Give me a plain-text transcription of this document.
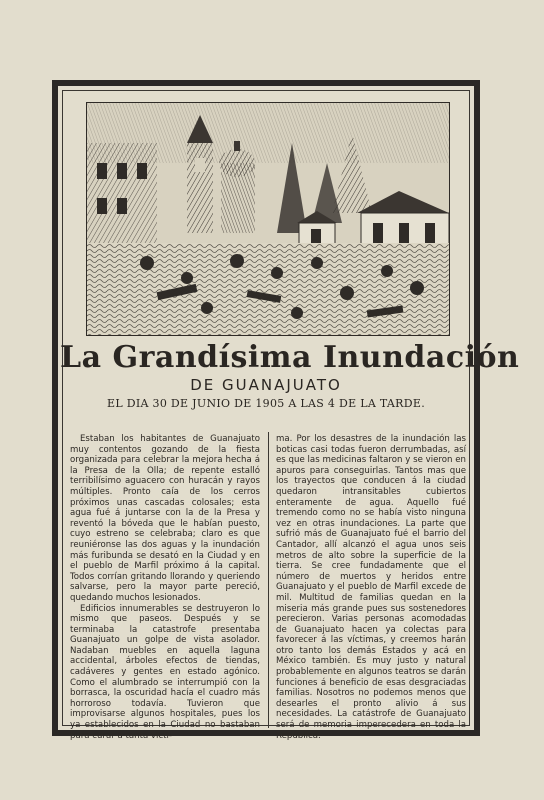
La Grandísima Inundación
DE GUANAJUATO
EL DIA 30 DE JUNIO DE 1905 A LAS 4 DE LA TARDE.

Estaban los habitantes de Guanajuato muy contentos gozando de la fiesta organizada para celebrar la mejora hecha á la Presa de la Olla; de repente estalló terribilísimo aguacero con huracán y rayos múltiples. Pronto caía de los cerros próximos unas cascadas colosales; esta agua fué á juntarse con la de la Presa y reventó la bóveda que le habían puesto, cuyo estreno se celebraba; claro es que reuniéronse las dos aguas y la inundación más furibunda se desató en la Ciudad y en el pueblo de Marfil próximo á la capital. Todos corrían gritando llorando y queriendo salvarse, pero la mayor parte pereció, quedando muchos lesionados.

Edificios innumerables se destruyeron lo mismo que paseos. Después y se terminaba la catastrofe presentaba Guanajuato un golpe de vista asolador. Nadaban muebles en aquella laguna accidental, árboles efectos de tiendas, cadáveres y gentes en estado agónico. Como el alumbrado se interrumpió con la borrasca, la oscuridad hacía el cuadro más horroroso todavía. Tuvieron que improvisarse algunos hospitales, pues los ya establecidos en la Ciudad no bastaban para curar á tanta victi-

ma. Por los desastres de la inundación las boticas casi todas fueron derrumbadas, así es que las medicinas faltaron y se vieron en apuros para conseguirlas. Tantos mas que los trayectos que conducen á la ciudad quedaron intransitables cubiertos enteramente de agua. Aquello fué tremendo como no se había visto ninguna vez en otras inundaciones. La parte que sufrió más de Guanajuato fué el barrio del Cantador, allí alcanzó el agua unos seis metros de alto sobre la superficie de la tierra. Se cree fundadamente que el número de muertos y heridos entre Guanajuato y el pueblo de Marfil excede de mil. Multitud de familias quedan en la miseria más grande pues sus sostenedores perecieron. Varias personas acomodadas de Guanajuato hacen ya colectas para favorecer á las víctimas, y creemos harán otro tanto los demás Estados y acá en México también. Es muy justo y natural probablemente en algunos teatros se darán funciones á beneficio de esas desgraciadas familias. Nosotros no podemos menos que desearles el pronto alivio á sus necesidades. La catástrofe de Guanajuato será de memoria imperecedera en toda la República.
